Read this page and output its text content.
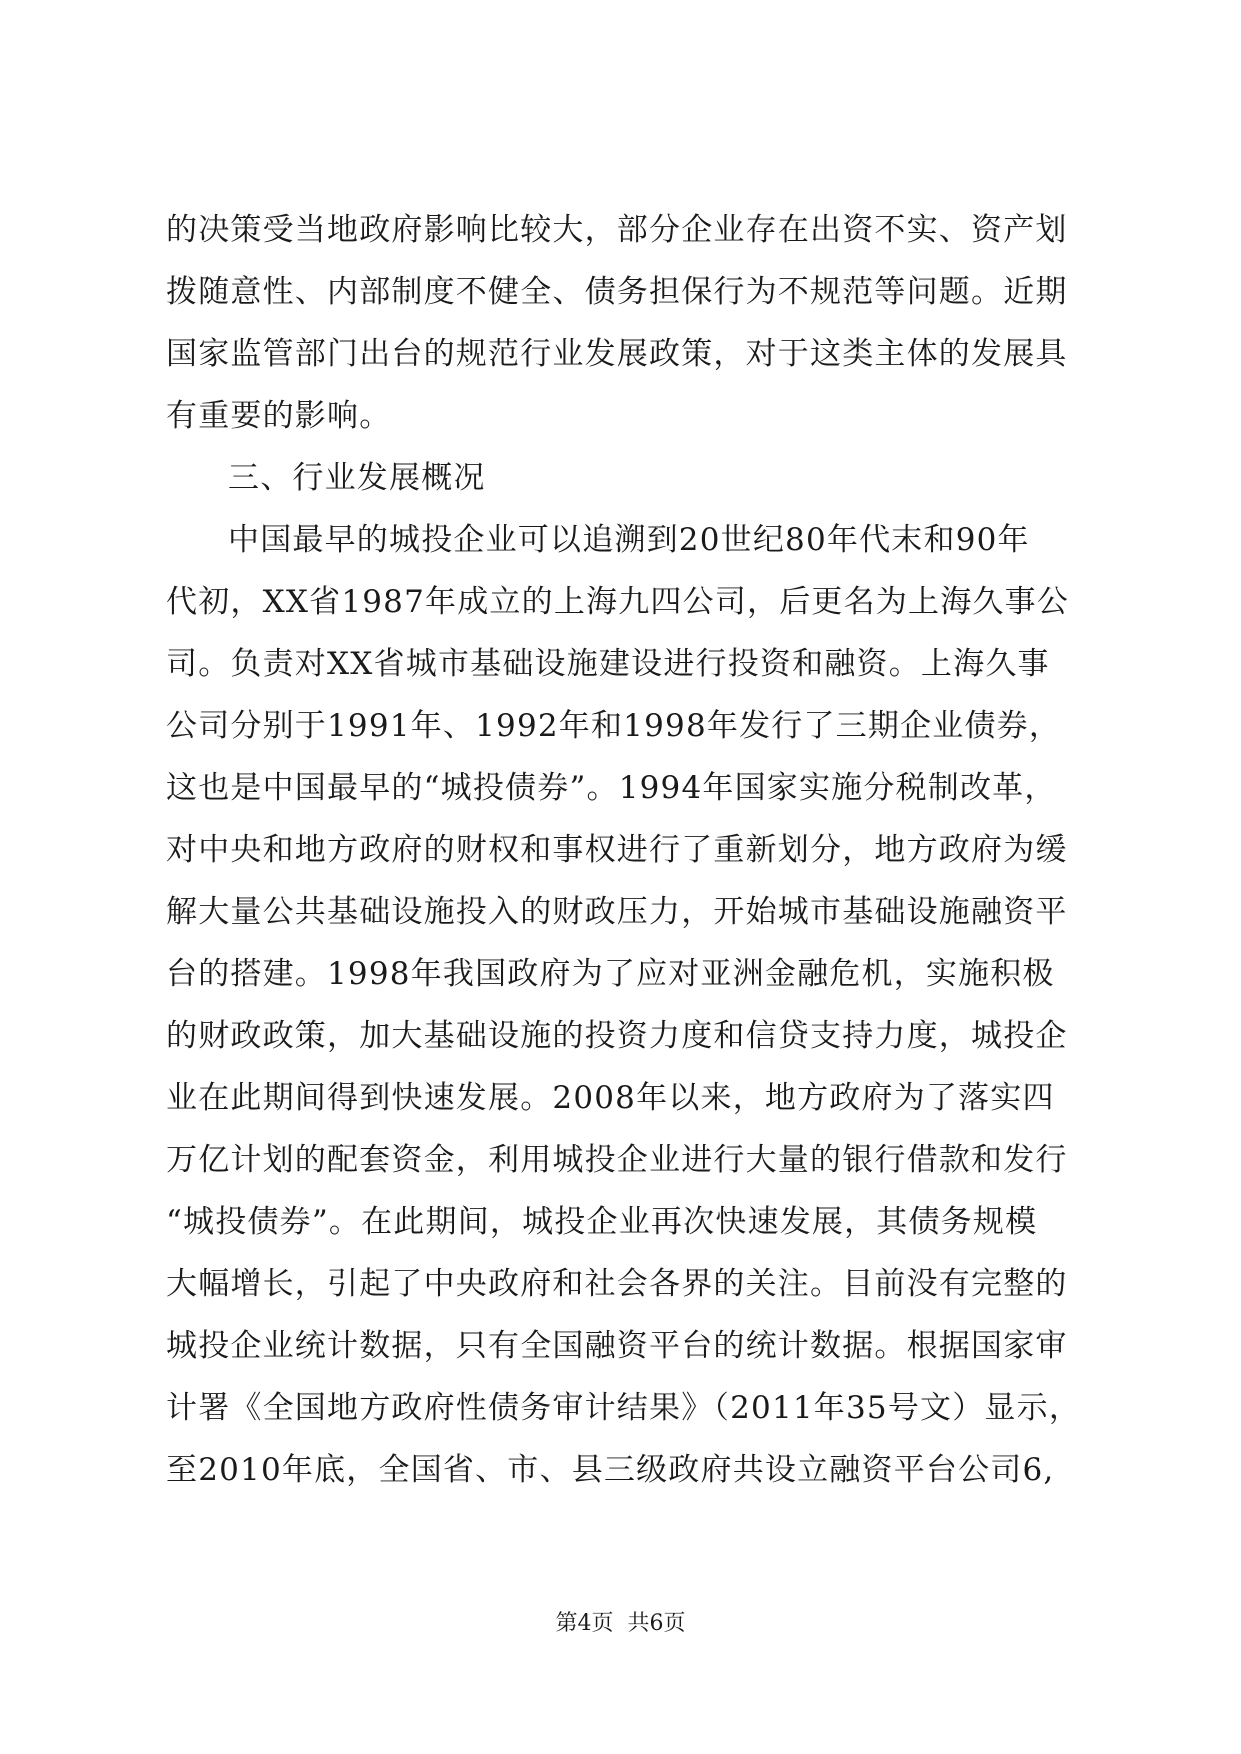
的决策受当地政府影响比较大，部分企业存在出资不实、资产划
拨随意性、内部制度不健全、债务担保行为不规范等问题。近期
国家监管部门出台的规范行业发展政策，对于这类主体的发展具
有重要的影响。
三、行业发展概况
中国最早的城投企业可以追溯到20世纪80年代末和90年
代初，XX省1987年成立的上海九四公司，后更名为上海久事公
司。负责对XX省城市基础设施建设进行投资和融资。上海久事
公司分别于1991年、1992年和1998年发行了三期企业债券，
这也是中国最早的“城投债券”。1994年国家实施分税制改革，
对中央和地方政府的财权和事权进行了重新划分，地方政府为缓
解大量公共基础设施投入的财政压力，开始城市基础设施融资平
台的搭建。1998年我国政府为了应对亚洲金融危机，实施积极
的财政政策，加大基础设施的投资力度和信贷支持力度，城投企
业在此期间得到快速发展。2008年以来，地方政府为了落实四
万亿计划的配套资金，利用城投企业进行大量的银行借款和发行
“城投债券”。在此期间，城投企业再次快速发展，其债务规模
大幅增长，引起了中央政府和社会各界的关注。目前没有完整的
城投企业统计数据，只有全国融资平台的统计数据。根据国家审
计署《全国地方政府性债务审计结果》（2011年35号文）显示，
至2010年底，全国省、市、县三级政府共设立融资平台公司6,
第4页  共6页
